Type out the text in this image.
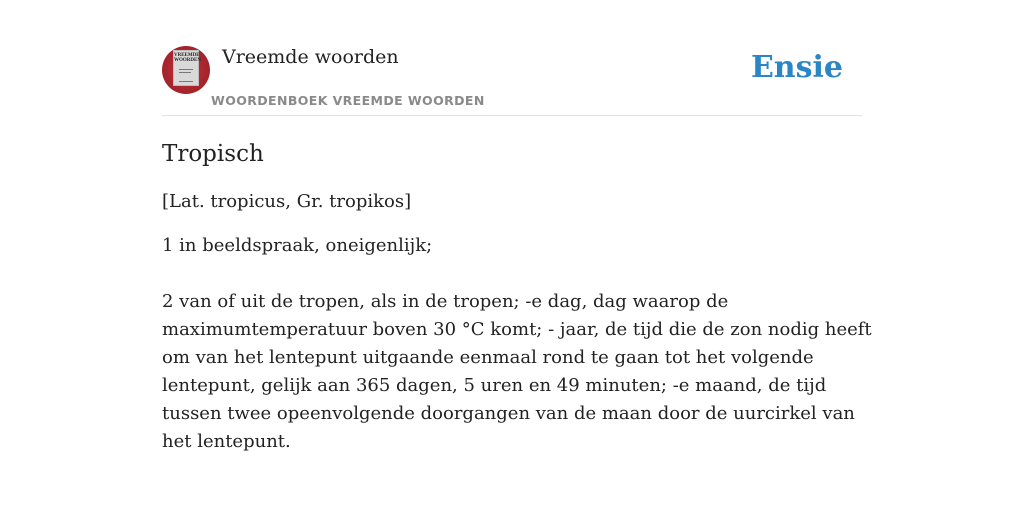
VREEMDE WOORDEN Vreemde woorden
WOORDENBOEK VREEMDE WOORDEN
Ensie
Tropisch

[Lat. tropicus, Gr. tropikos]

1 in beeldspraak, oneigenlijk;

2 van of uit de tropen, als in de tropen; -e dag, dag waarop de maximumtemperatuur boven 30 °C komt; - jaar, de tijd die de zon nodig heeft om van het lentepunt uitgaande eenmaal rond te gaan tot het volgende lentepunt, gelijk aan 365 dagen, 5 uren en 49 minuten; -e maand, de tijd tussen twee opeenvolgende doorgangen van de maan door de uurcirkel van het lentepunt.
